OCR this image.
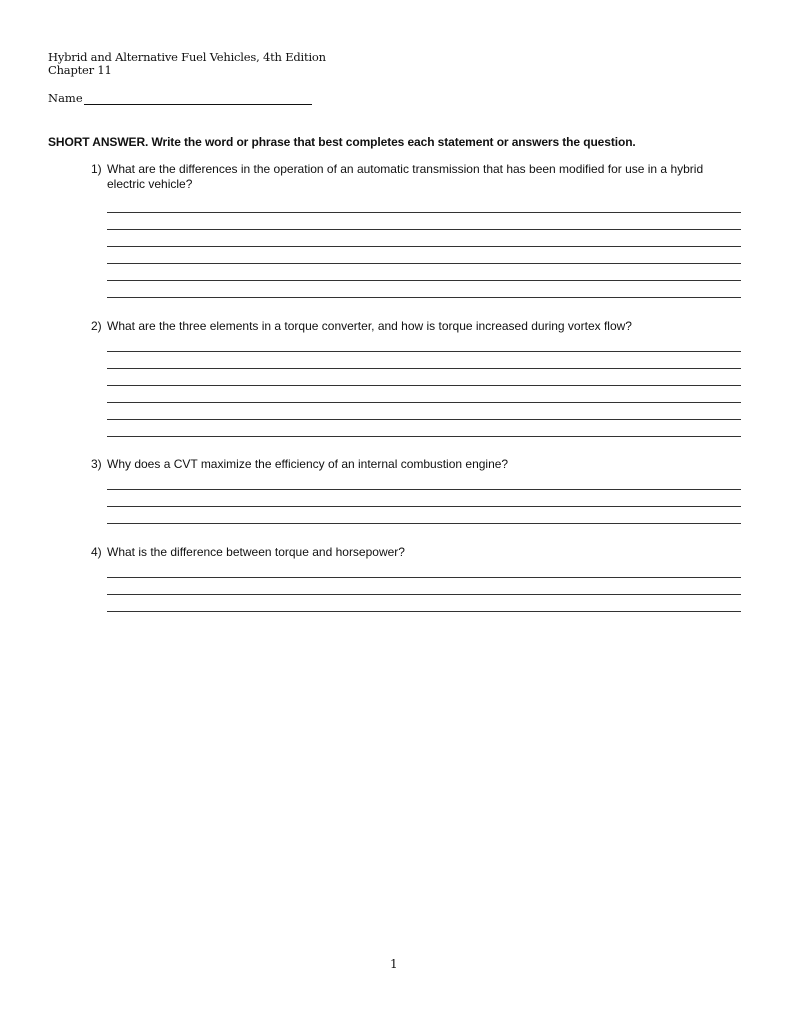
Hybrid and Alternative Fuel Vehicles, 4th Edition
Chapter 11
Name
SHORT ANSWER. Write the word or phrase that best completes each statement or answers the question.
1) What are the differences in the operation of an automatic transmission that has been modified for use in a hybrid electric vehicle?
2) What are the three elements in a torque converter, and how is torque increased during vortex flow?
3) Why does a CVT maximize the efficiency of an internal combustion engine?
4) What is the difference between torque and horsepower?
1
